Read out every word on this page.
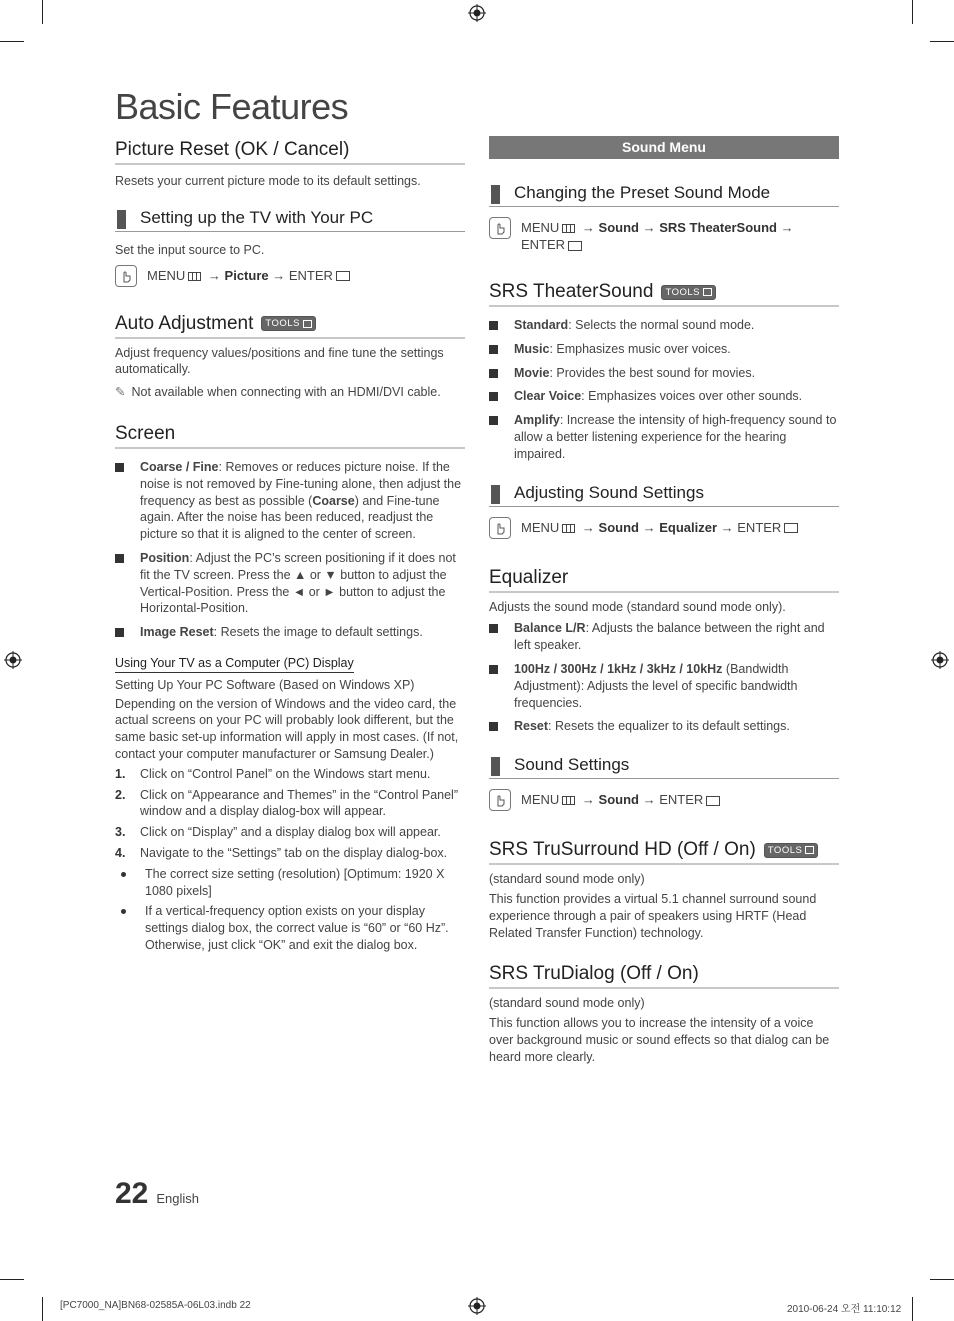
Basic Features
Picture Reset (OK / Cancel)
Resets your current picture mode to its default settings.
Setting up the TV with Your PC
Set the input source to PC.
MENU → Picture → ENTER
Auto Adjustment TOOLS
Adjust frequency values/positions and fine tune the settings automatically.
✎ Not available when connecting with an HDMI/DVI cable.
Screen
Coarse / Fine: Removes or reduces picture noise. If the noise is not removed by Fine-tuning alone, then adjust the frequency as best as possible (Coarse) and Fine-tune again. After the noise has been reduced, readjust the picture so that it is aligned to the center of screen.
Position: Adjust the PC’s screen positioning if it does not fit the TV screen. Press the ▲ or ▼ button to adjust the Vertical-Position. Press the ◄ or ► button to adjust the Horizontal-Position.
Image Reset: Resets the image to default settings.
Using Your TV as a Computer (PC) Display
Setting Up Your PC Software (Based on Windows XP)
Depending on the version of Windows and the video card, the actual screens on your PC will probably look different, but the same basic set-up information will apply in most cases. (If not, contact your computer manufacturer or Samsung Dealer.)
1.	Click on “Control Panel” on the Windows start menu.
2.	Click on “Appearance and Themes” in the “Control Panel” window and a display dialog-box will appear.
3.	Click on “Display” and a display dialog box will appear.
4.	Navigate to the “Settings” tab on the display dialog-box.
The correct size setting (resolution) [Optimum: 1920 X 1080 pixels]
If a vertical-frequency option exists on your display settings dialog box, the correct value is “60” or “60 Hz”. Otherwise, just click “OK” and exit the dialog box.
Sound Menu
Changing the Preset Sound Mode
MENU → Sound → SRS TheaterSound →
ENTER
SRS TheaterSound TOOLS
Standard: Selects the normal sound mode.
Music: Emphasizes music over voices.
Movie: Provides the best sound for movies.
Clear Voice: Emphasizes voices over other sounds.
Amplify: Increase the intensity of high-frequency sound to allow a better listening experience for the hearing impaired.
Adjusting Sound Settings
MENU → Sound → Equalizer → ENTER
Equalizer
Adjusts the sound mode (standard sound mode only).
Balance L/R: Adjusts the balance between the right and left speaker.
100Hz / 300Hz / 1kHz / 3kHz / 10kHz (Bandwidth Adjustment): Adjusts the level of specific bandwidth frequencies.
Reset: Resets the equalizer to its default settings.
Sound Settings
MENU → Sound → ENTER
SRS TruSurround HD (Off / On) TOOLS
(standard sound mode only)
This function provides a virtual 5.1 channel surround sound experience through a pair of speakers using HRTF (Head Related Transfer Function) technology.
SRS TruDialog (Off / On)
(standard sound mode only)
This function allows you to increase the intensity of a voice over background music or sound effects so that dialog can be heard more clearly.
22 English
[PC7000_NA]BN68-02585A-06L03.indb 22	2010-06-24 오전 11:10:12
